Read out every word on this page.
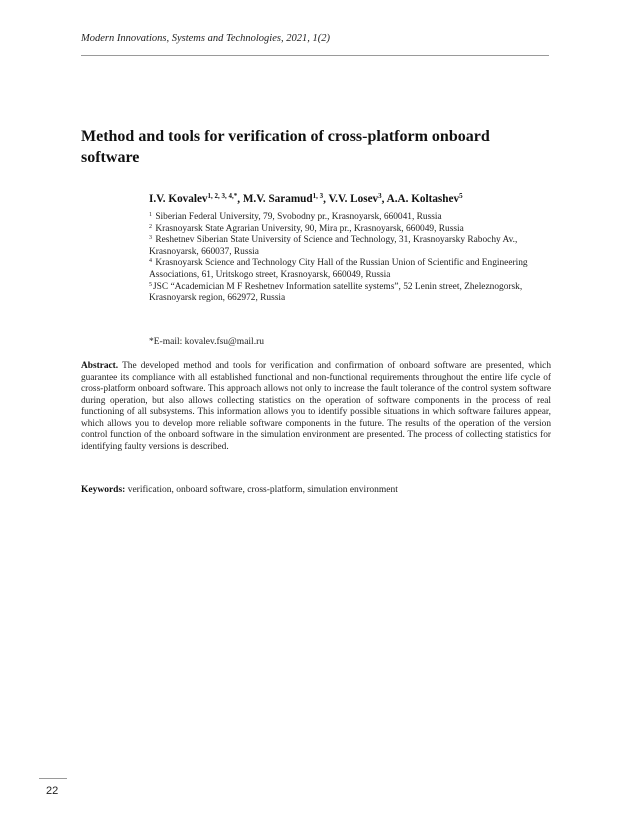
Modern Innovations, Systems and Technologies, 2021, 1(2)
Method and tools for verification of cross-platform onboard software
I.V. Kovalev$^{1, 2, 3, 4,*}$, M.V. Saramud$^{1, 3}$, V.V. Losev$^3$, A.A. Koltashev$^5$

$^1$ Siberian Federal University, 79, Svobodny pr., Krasnoyarsk, 660041, Russia

$^2$ Krasnoyarsk State Agrarian University, 90, Mira pr., Krasnoyarsk, 660049, Russia

$^3$ Reshetnev Siberian State University of Science and Technology, 31, Krasnoyarsky Rabochy Av., Krasnoyarsk, 660037, Russia

$^4$ Krasnoyarsk Science and Technology City Hall of the Russian Union of Scientific and Engineering Associations, 61, Uritskogo street, Krasnoyarsk, 660049, Russia

$^5$JSC “Academician M F Reshetnev Information satellite systems”, 52 Lenin street, Zheleznogorsk, Krasnoyarsk region, 662972, Russia

*E-mail: kovalev.fsu@mail.ru

Abstract. The developed method and tools for verification and confirmation of onboard software are presented, which guarantee its compliance with all established functional and non-functional requirements throughout the entire life cycle of cross-platform onboard software. This approach allows not only to increase the fault tolerance of the control system software during operation, but also allows collecting statistics on the operation of software components in the process of real functioning of all subsystems. This information allows you to identify possible situations in which software failures appear, which allows you to develop more reliable software components in the future. The results of the operation of the version control function of the onboard software in the simulation environment are presented. The process of collecting statistics for identifying faulty versions is described.

Keywords: verification, onboard software, cross-platform, simulation environment

22
